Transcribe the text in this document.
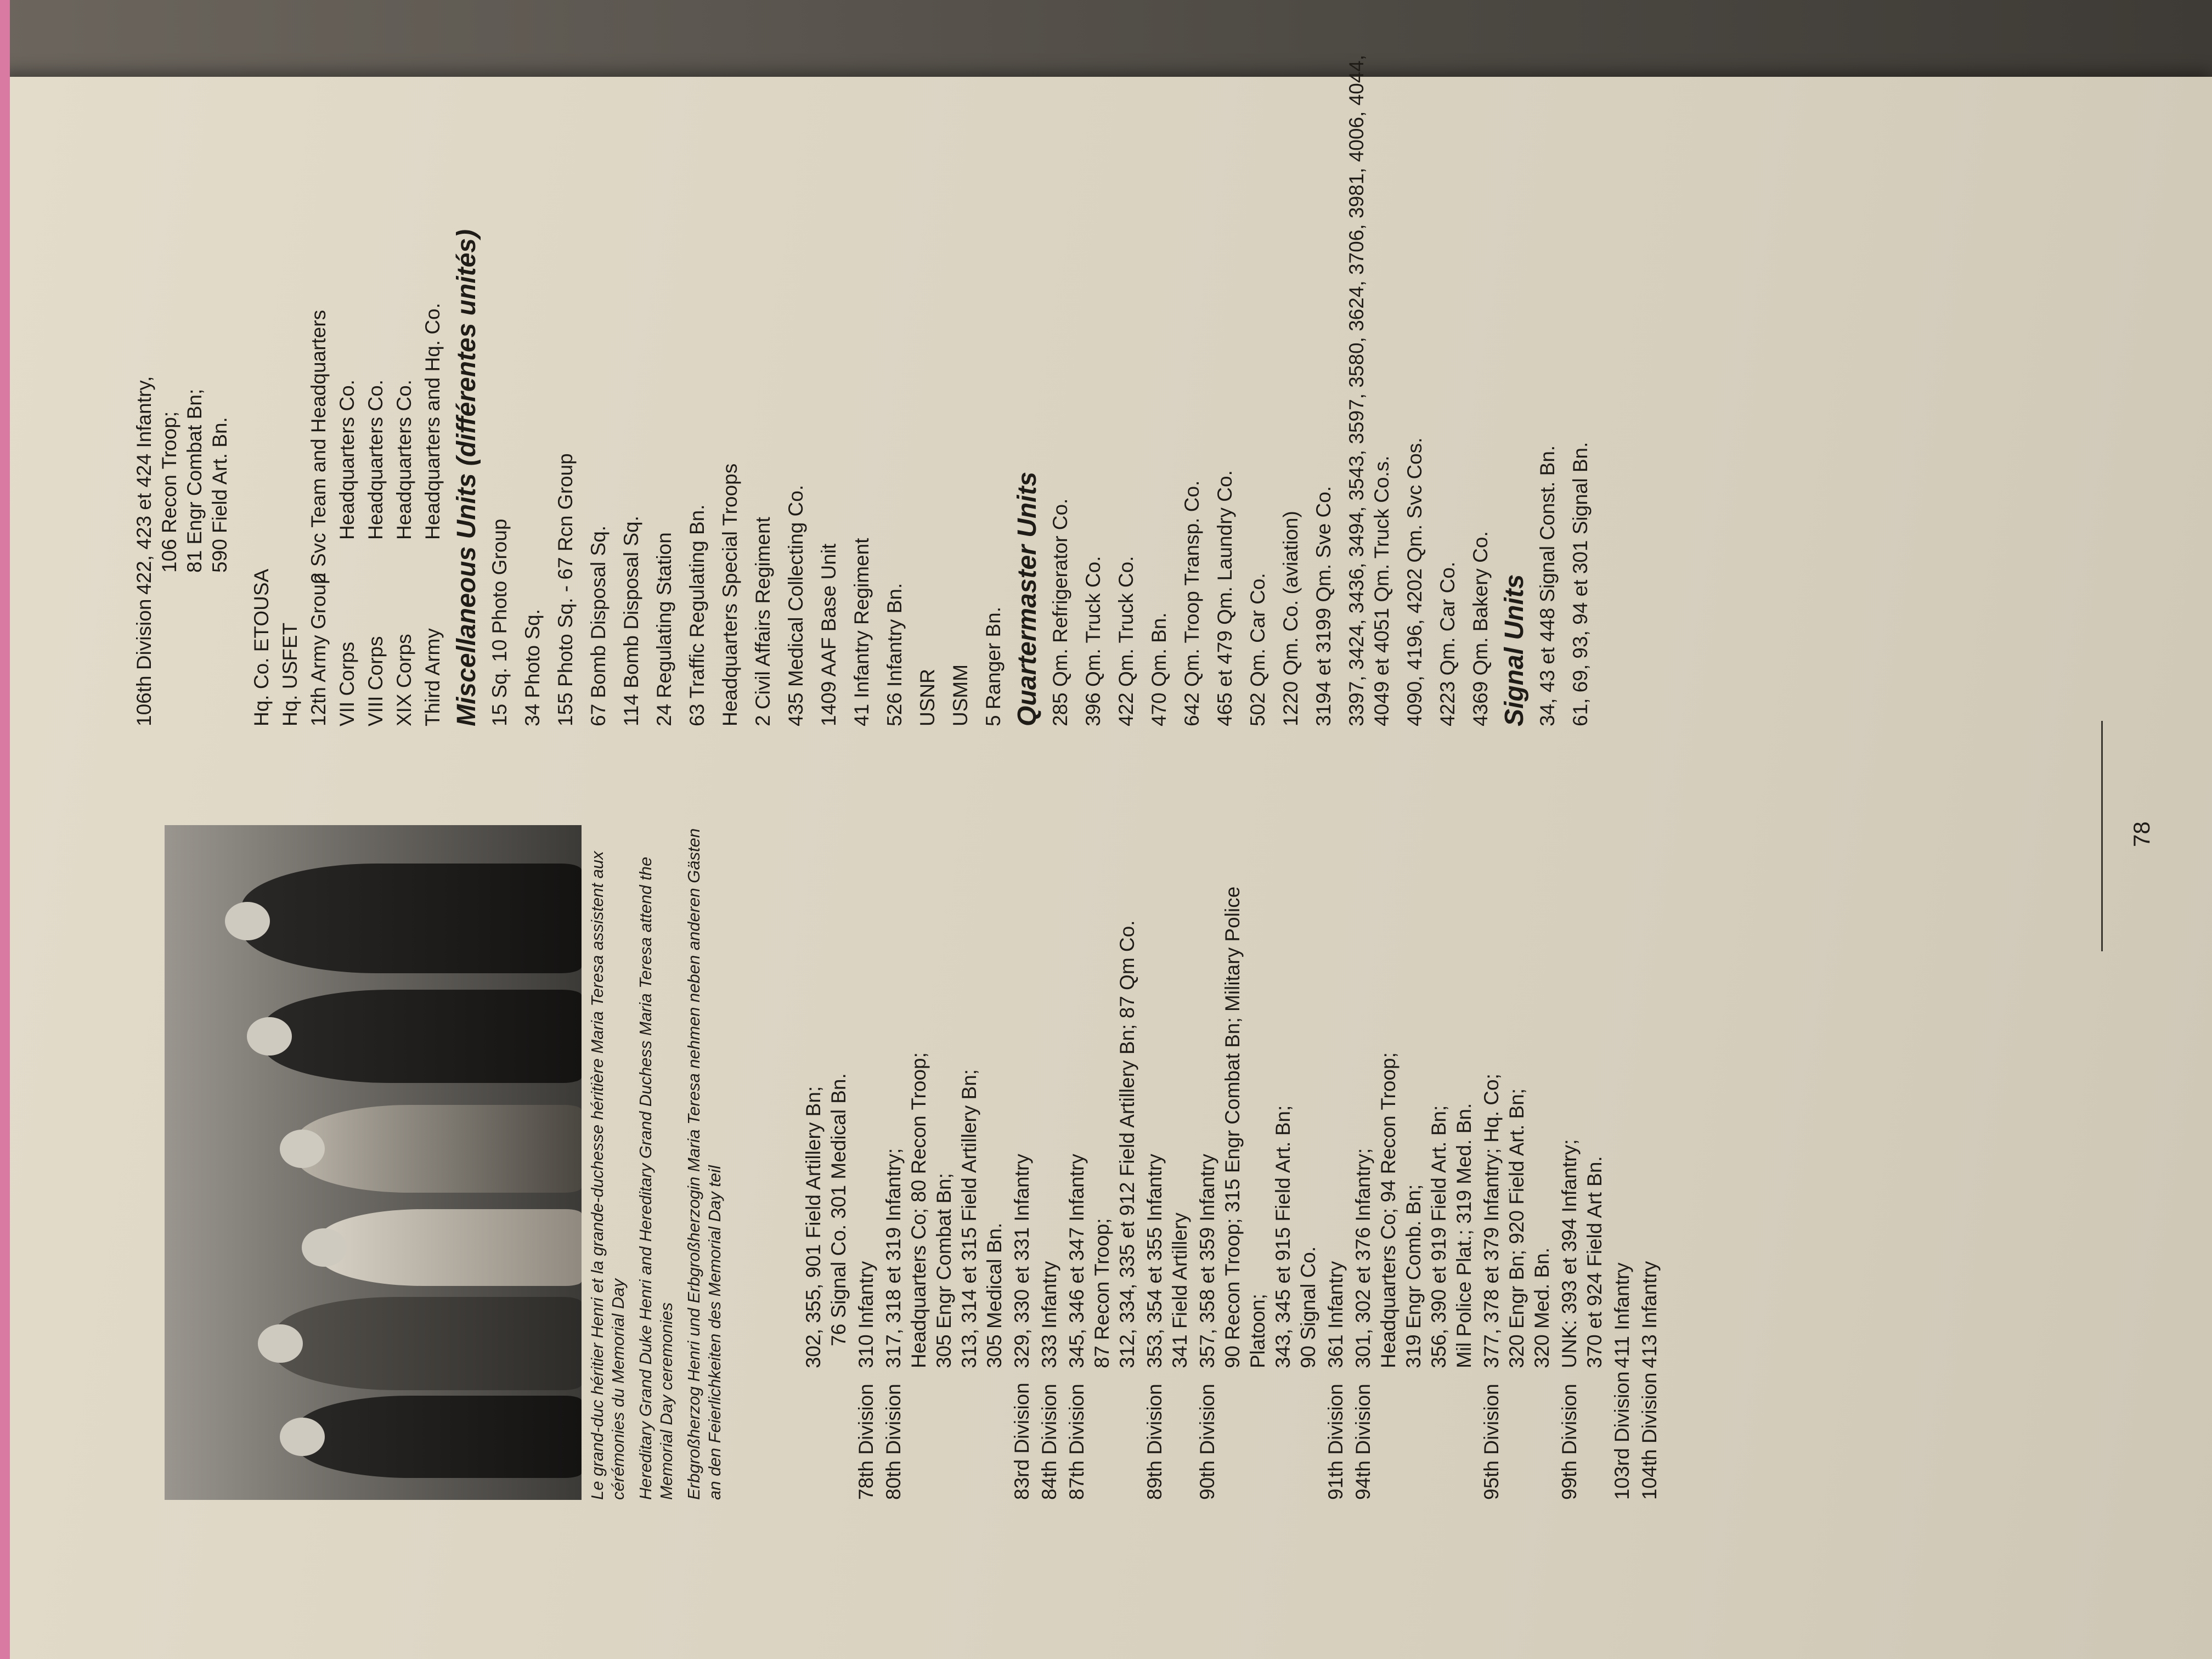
Le grand-duc héritier Henri et la grande-duchesse héritière Maria Teresa assistent aux cérémonies du Memorial Day Hereditary Grand Duke Henri and Hereditary Grand Duchess Maria Teresa attend the Memorial Day ceremonies Erbgroßherzog Henri und Erbgroßherzogin Maria Teresa nehmen neben anderen Gästen an den Feierlichkeiten des Memorial Day teil	302, 355, 901 Field Artillery Bn; 76 Signal Co. 301 Medical Bn.
78th Division
310 Infantry
80th Division
317, 318 et 319 Infantry; Headquarters Co; 80 Recon Troop; 305 Engr Combat Bn; 313, 314 et 315 Field Artillery Bn; 305 Medical Bn.
83rd Division
329, 330 et 331 Infantry
84th Division
333 Infantry
87th Division
345, 346 et 347 Infantry 87 Recon Troop; 312, 334, 335 et 912 Field Artillery Bn; 87 Qm Co.
89th Division
353, 354 et 355 Infantry 341 Field Artillery
90th Division
357, 358 et 359 Infantry 90 Recon Troop; 315 Engr Combat Bn; Military Police Platoon; 343, 345 et 915 Field Art. Bn; 90 Signal Co.
91th Division
361 Infantry
94th Division
301, 302 et 376 Infantry; Headquarters Co; 94 Recon Troop; 319 Engr Comb. Bn; 356, 390 et 919 Field Art. Bn; Mil Police Plat.; 319 Med. Bn.
95th Division
377, 378 et 379 Infantry; Hq. Co; 320 Engr Bn; 920 Field Art. Bn; 320 Med. Bn.
99th Division
UNK: 393 et 394 Infantry; 370 et 924 Field Art Bn.
103rd Division
411 Infantry
104th Division
413 Infantry
106th Division
422, 423 et 424 Infantry, 106 Recon Troop; 81 Engr Combat Bn; 590 Field Art. Bn.
Hq. Co. ETOUSA Hq. USFET 12th Army Group
2 Svc Team and Headquarters
VII Corps
Headquarters Co.
VIII Corps
Headquarters Co.
XIX Corps
Headquarters Co.
Third Army
Headquarters and Hq. Co. Miscellaneous Units (différentes unités) 15 Sq. 10 Photo Group 34 Photo Sq. 155 Photo Sq. - 67 Rcn Group 67 Bomb Disposal Sq. 114 Bomb Disposal Sq. 24 Regulating Station 63 Traffic Regulating Bn. Headquarters Special Troops 2 Civil Affairs Regiment 435 Medical Collecting Co. 1409 AAF Base Unit 41 Infantry Regiment 526 Infantry Bn. USNR USMM 5 Ranger Bn. Quartermaster Units 285 Qm. Refrigerator Co. 396 Qm. Truck Co. 422 Qm. Truck Co. 470 Qm. Bn. 642 Qm. Troop Transp. Co. 465 et 479 Qm. Laundry Co. 502 Qm. Car Co. 1220 Qm. Co. (aviation) 3194 et 3199 Qm. Sve Co. 3397, 3424, 3436, 3494, 3543, 3597, 3580, 3624, 3706, 3981, 4006, 4044, 4049 et 4051 Qm. Truck Co.s. 4090, 4196, 4202 Qm. Svc Cos. 4223 Qm. Car Co. 4369 Qm. Bakery Co. Signal Units 34, 43 et 448 Signal Const. Bn. 61, 69, 93, 94 et 301 Signal Bn.
78
